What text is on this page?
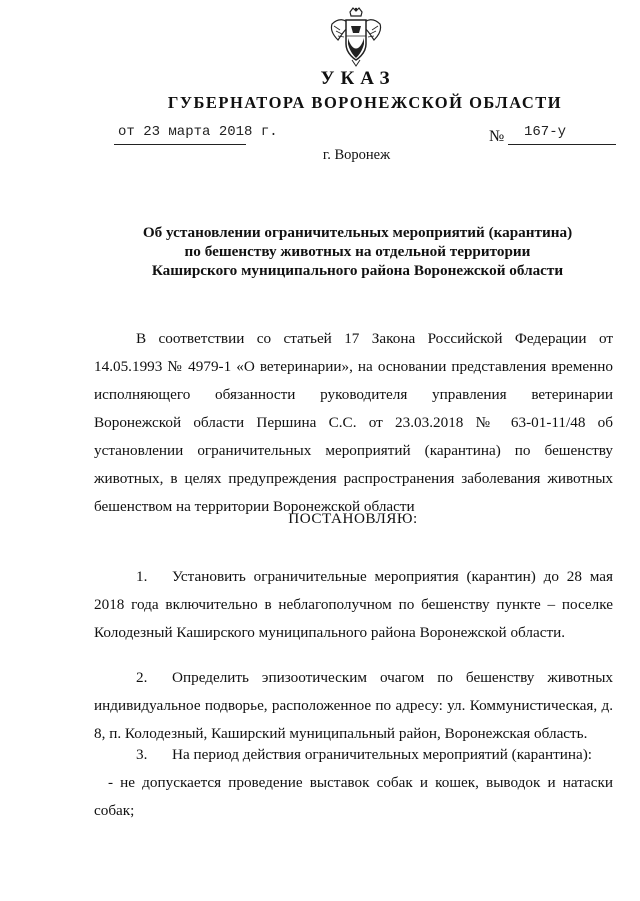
УКАЗ
ГУБЕРНАТОРА ВОРОНЕЖСКОЙ ОБЛАСТИ
от 23 марта 2018 г.	№ 167-у
г. Воронеж
Об установлении ограничительных мероприятий (карантина) по бешенству животных на отдельной территории Каширского муниципального района Воронежской области
В соответствии со статьей 17 Закона Российской Федерации от 14.05.1993 № 4979-1 «О ветеринарии», на основании представления временно исполняющего обязанности руководителя управления ветеринарии Воронежской области Першина С.С. от 23.03.2018 № 63-01-11/48 об установлении ограничительных мероприятий (карантина) по бешенству животных, в целях предупреждения распространения заболевания животных бешенством на территории Воронежской области
ПОСТАНОВЛЯЮ:
1. Установить ограничительные мероприятия (карантин) до 28 мая 2018 года включительно в неблагополучном по бешенству пункте – поселке Колодезный Каширского муниципального района Воронежской области.
2. Определить эпизоотическим очагом по бешенству животных индивидуальное подворье, расположенное по адресу: ул. Коммунистическая, д. 8, п. Колодезный, Каширский муниципальный район, Воронежская область.
3. На период действия ограничительных мероприятий (карантина):
- не допускается проведение выставок собак и кошек, выводок и натаски собак;
